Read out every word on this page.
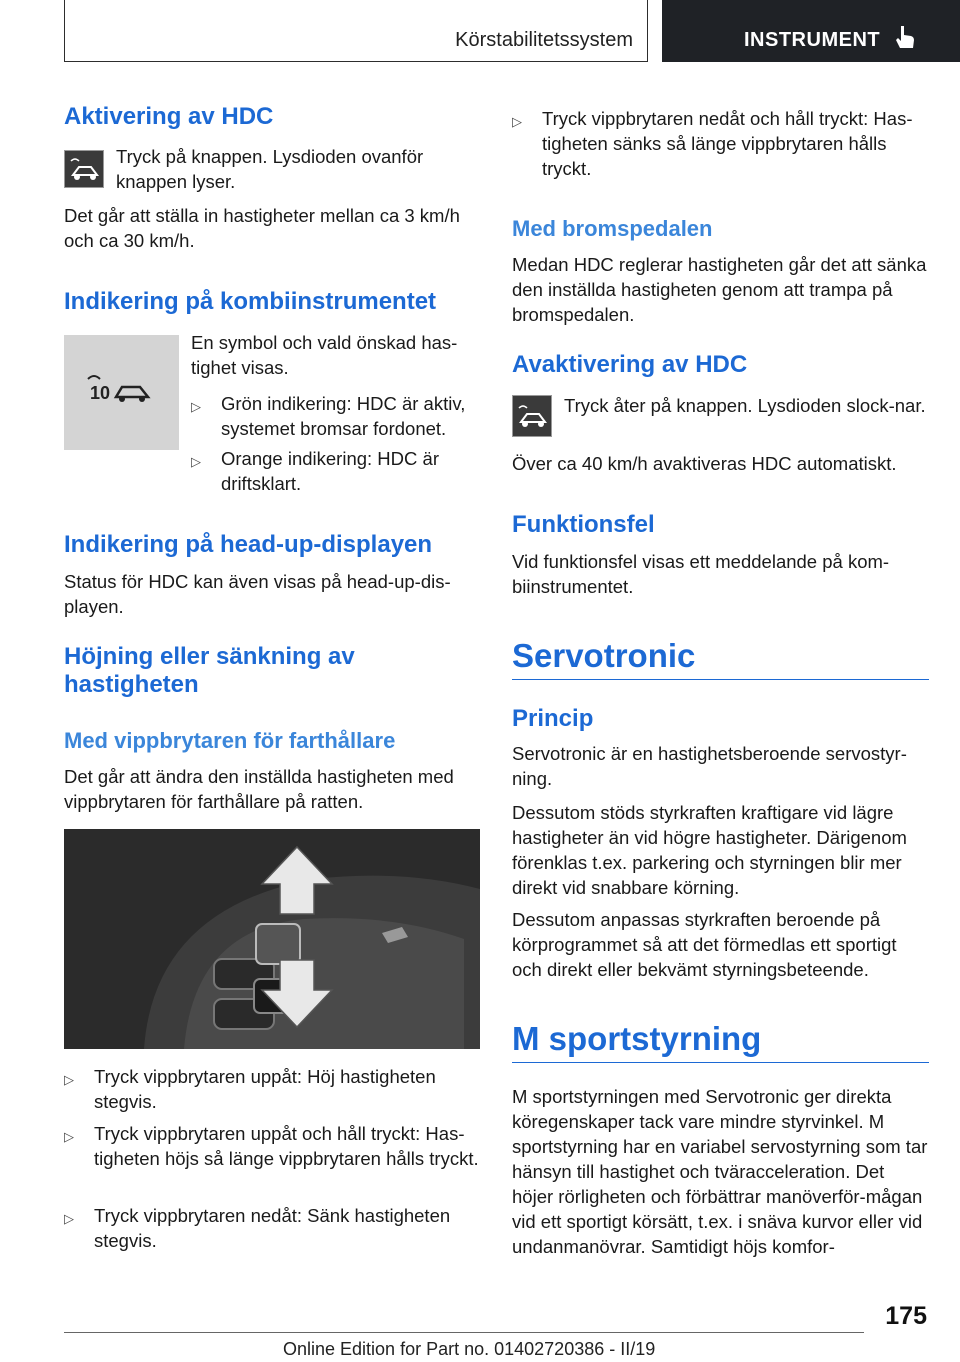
Körstabilitetssystem	INSTRUMENT
Aktivering av HDC

Tryck på knappen. Lysdioden ovanför knappen lyser.

Det går att ställa in hastigheter mellan ca 3 km/h och ca 30 km/h.

Indikering på kombiinstrumentet
10

En symbol och vald önskad has-tighet visas.

▷ Grön indikering: HDC är aktiv, systemet bromsar fordonet.
▷ Orange indikering: HDC är driftsklart.
Indikering på head-up-displayen

Status för HDC kan även visas på head-up-dis-playen.

Höjning eller sänkning av hastigheten
Med vippbrytaren för farthållare

Det går att ändra den inställda hastigheten med vippbrytaren för farthållare på ratten.

▷ Tryck vippbrytaren uppåt: Höj hastigheten stegvis.
▷ Tryck vippbrytaren uppåt och håll tryckt: Has-tigheten höjs så länge vippbrytaren hålls tryckt.
▷ Tryck vippbrytaren nedåt: Sänk hastigheten stegvis.
▷ Tryck vippbrytaren nedåt och håll tryckt: Has-tigheten sänks så länge vippbrytaren hålls tryckt.
Med bromspedalen

Medan HDC reglerar hastigheten går det att sänka den inställda hastigheten genom att trampa på bromspedalen.

Avaktivering av HDC

Tryck åter på knappen. Lysdioden slock-nar.

Över ca 40 km/h avaktiveras HDC automatiskt.

Funktionsfel

Vid funktionsfel visas ett meddelande på kom-biinstrumentet.

Servotronic
Princip

Servotronic är en hastighetsberoende servostyr-ning.

Dessutom stöds styrkraften kraftigare vid lägre hastigheter än vid högre hastigheter. Därigenom förenklas t.ex. parkering och styrningen blir mer direkt vid snabbare körning.

Dessutom anpassas styrkraften beroende på körprogrammet så att det förmedlas ett sportigt och direkt eller bekvämt styrningsbeteende.

M sportstyrning

M sportstyrningen med Servotronic ger direkta köregenskaper tack vare mindre styrvinkel. M sportstyrning har en variabel servostyrning som tar hänsyn till hastighet och tväracceleration. Det höjer rörligheten och förbättrar manöverför-mågan vid ett sportigt körsätt, t.ex. i snäva kurvor eller vid undanmanövrar. Samtidigt höjs komfor-

175
Online Edition for Part no. 01402720386 - II/19
